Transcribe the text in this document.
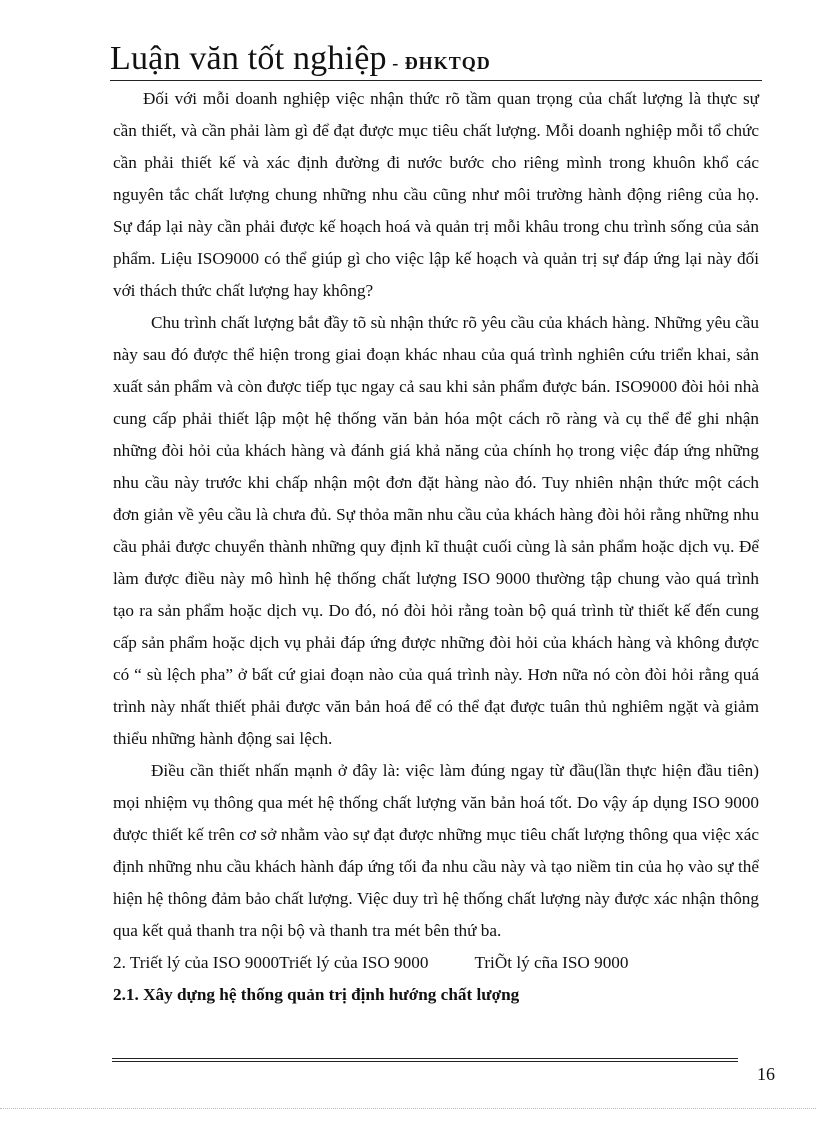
Luận văn tốt nghiệp - ĐHKTQD

Đối với mỗi doanh nghiệp việc nhận thức rõ tầm quan trọng của chất lượng là thực sự cần thiết, và cần phải làm gì để đạt được mục tiêu chất lượng. Mỗi doanh nghiệp mỗi tổ chức cần phải thiết kế và xác định đường đi nước bước cho riêng mình trong khuôn khổ các nguyên tắc chất lượng chung những nhu cầu cũng như môi trường hành động riêng của họ. Sự đáp lại này cần phải được kế hoạch hoá và quản trị mỗi khâu trong chu trình sống của sản phẩm. Liệu ISO9000 có thể giúp gì cho việc lập kế hoạch và quản trị sự đáp ứng lại này đối với thách thức chất lượng hay không?

Chu trình chất lượng bắt đầy tõ sù nhận thức rõ yêu cầu của khách hàng. Những yêu cầu này sau đó được thể hiện trong giai đoạn khác nhau của quá trình nghiên cứu triển khai, sản xuất sản phẩm và còn được tiếp tục ngay cả sau khi sản phẩm được bán. ISO9000 đòi hỏi nhà cung cấp phải thiết lập một hệ thống văn bản hóa một cách rõ ràng và cụ thể để ghi nhận những đòi hỏi của khách hàng và đánh giá khả năng của chính họ trong việc đáp ứng những nhu cầu này trước khi chấp nhận một đơn đặt hàng nào đó. Tuy nhiên nhận thức một cách đơn giản về yêu cầu là chưa đủ. Sự thỏa mãn nhu cầu của khách hàng đòi hỏi rằng những nhu cầu phải được chuyển thành những quy định kĩ thuật cuối cùng là sản phẩm hoặc dịch vụ. Để làm được điều này mô hình hệ thống chất lượng ISO 9000 thường tập chung vào quá trình tạo ra sản phẩm hoặc dịch vụ. Do đó, nó đòi hỏi rằng toàn bộ quá trình từ thiết kế đến cung cấp sản phẩm hoặc dịch vụ phải đáp ứng được những đòi hỏi của khách hàng và không được có “ sù lệch pha” ở bất cứ giai đoạn nào của quá trình này. Hơn nữa nó còn đòi hỏi rằng quá trình này nhất thiết phải được văn bản hoá để có thể đạt được tuân thủ nghiêm ngặt và giảm thiểu những hành động sai lệch.

Điều cần thiết nhấn mạnh ở đây là: việc làm đúng ngay từ đầu(lần thực hiện đầu tiên) mọi nhiệm vụ thông qua mét hệ thống chất lượng văn bản hoá tốt. Do vậy áp dụng ISO 9000 được thiết kế trên cơ sở nhằm vào sự đạt được những mục tiêu chất lượng thông qua việc xác định những nhu cầu khách hành đáp ứng tối đa nhu cầu này và tạo niềm tin của họ vào sự thể hiện hệ thông đảm bảo chất lượng. Việc duy trì hệ thống chất lượng này được xác nhận thông qua kết quả thanh tra nội bộ và thanh tra mét bên thứ ba.

2. Triết lý của ISO 9000Triết lý của ISO 9000	TriÕt lý cña ISO 9000

2.1. Xây dựng hệ thống quản trị định hướng chất lượng

16
